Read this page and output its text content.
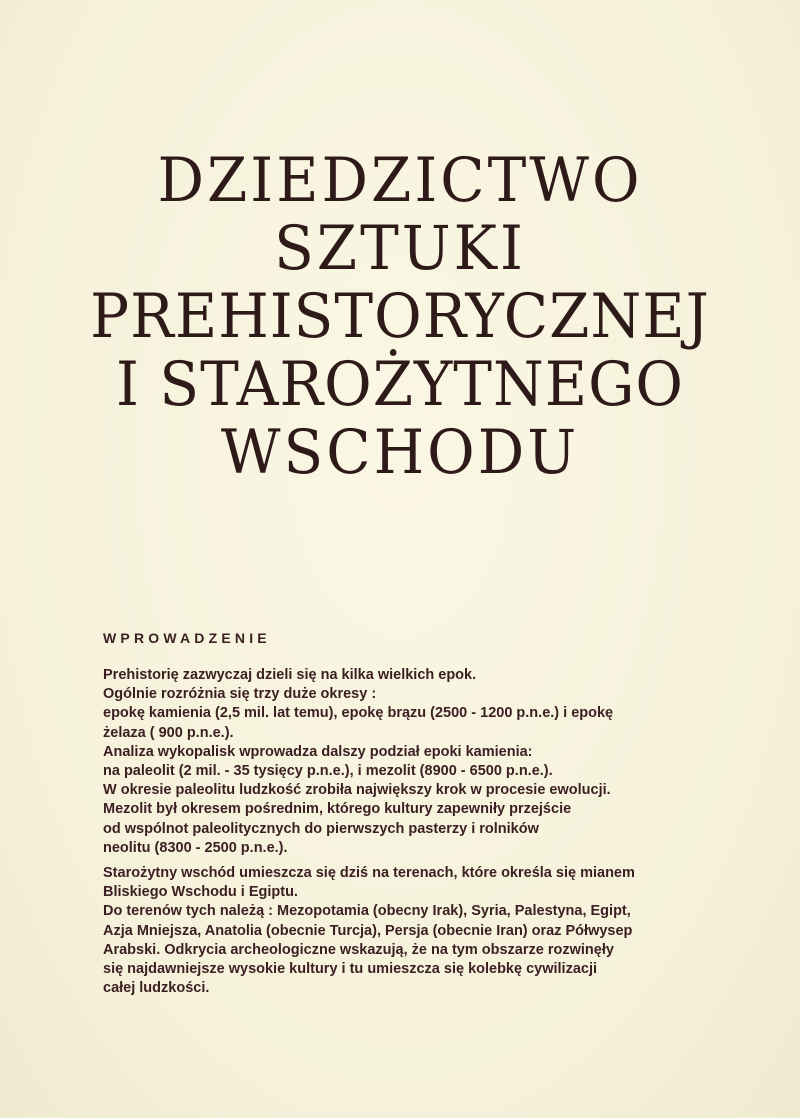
DZIEDZICTWO
SZTUKI
PREHISTORYCZNEJ
I STAROŻYTNEGO
WSCHODU
WPROWADZENIE
Prehistorię zazwyczaj dzieli się na kilka wielkich epok.
Ogólnie rozróżnia się trzy duże okresy :
epokę kamienia (2,5 mil. lat temu), epokę brązu (2500 - 1200 p.n.e.) i epokę
żelaza ( 900 p.n.e.).
Analiza wykopalisk wprowadza dalszy podział epoki kamienia:
na paleolit (2 mil. - 35 tysięcy p.n.e.), i mezolit (8900 - 6500 p.n.e.).
W okresie paleolitu ludzkość zrobiła największy krok w procesie ewolucji.
Mezolit był okresem pośrednim, którego kultury zapewniły przejście
od wspólnot paleolitycznych do pierwszych pasterzy i rolników
neolitu (8300 - 2500 p.n.e.).
Starożytny wschód umieszcza się dziś na terenach, które określa się mianem
Bliskiego Wschodu i Egiptu.
Do terenów tych należą : Mezopotamia (obecny Irak), Syria, Palestyna, Egipt,
Azja Mniejsza, Anatolia (obecnie Turcja), Persja (obecnie Iran) oraz Półwysep
Arabski. Odkrycia archeologiczne wskazują, że na tym obszarze rozwinęły
się najdawniejsze wysokie kultury i tu umieszcza się kolebkę cywilizacji
całej ludzkości.
